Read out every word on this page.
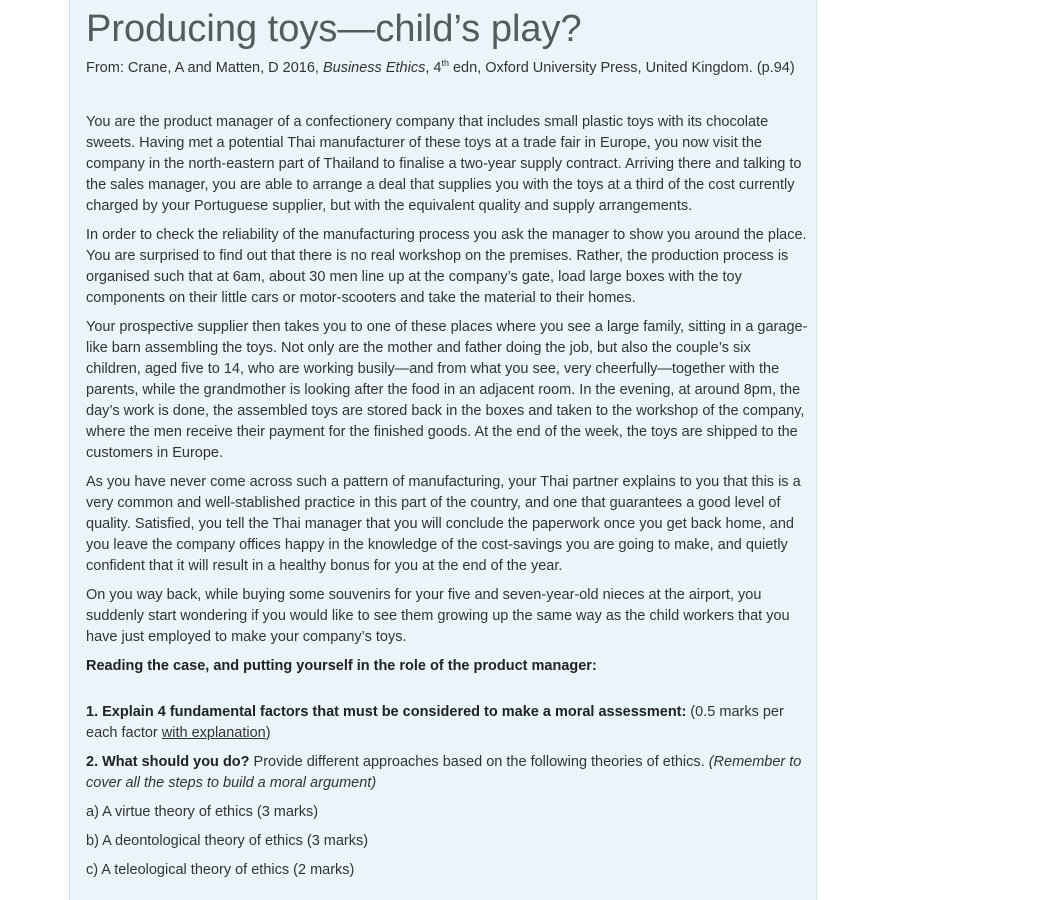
Producing toys—child’s play?
From: Crane, A and Matten, D 2016, Business Ethics, 4th edn, Oxford University Press, United Kingdom. (p.94)

You are the product manager of a confectionery company that includes small plastic toys with its chocolate sweets. Having met a potential Thai manufacturer of these toys at a trade fair in Europe, you now visit the company in the north-eastern part of Thailand to finalise a two-year supply contract. Arriving there and talking to the sales manager, you are able to arrange a deal that supplies you with the toys at a third of the cost currently charged by your Portuguese supplier, but with the equivalent quality and supply arrangements.

In order to check the reliability of the manufacturing process you ask the manager to show you around the place. You are surprised to find out that there is no real workshop on the premises. Rather, the production process is organised such that at 6am, about 30 men line up at the company’s gate, load large boxes with the toy components on their little cars or motor-scooters and take the material to their homes.

Your prospective supplier then takes you to one of these places where you see a large family, sitting in a garage-like barn assembling the toys. Not only are the mother and father doing the job, but also the couple’s six children, aged five to 14, who are working busily—and from what you see, very cheerfully—together with the parents, while the grandmother is looking after the food in an adjacent room. In the evening, at around 8pm, the day’s work is done, the assembled toys are stored back in the boxes and taken to the workshop of the company, where the men receive their payment for the finished goods. At the end of the week, the toys are shipped to the customers in Europe.

As you have never come across such a pattern of manufacturing, your Thai partner explains to you that this is a very common and well-stablished practice in this part of the country, and one that guarantees a good level of quality. Satisfied, you tell the Thai manager that you will conclude the paperwork once you get back home, and you leave the company offices happy in the knowledge of the cost-savings you are going to make, and quietly confident that it will result in a healthy bonus for you at the end of the year.

On you way back, while buying some souvenirs for your five and seven-year-old nieces at the airport, you suddenly start wondering if you would like to see them growing up the same way as the child workers that you have just employed to make your company’s toys.

Reading the case, and putting yourself in the role of the product manager:

1. Explain 4 fundamental factors that must be considered to make a moral assessment: (0.5 marks per each factor with explanation)

2. What should you do? Provide different approaches based on the following theories of ethics. (Remember to cover all the steps to build a moral argument)

a) A virtue theory of ethics (3 marks)

b) A deontological theory of ethics (3 marks)

c) A teleological theory of ethics (2 marks)
